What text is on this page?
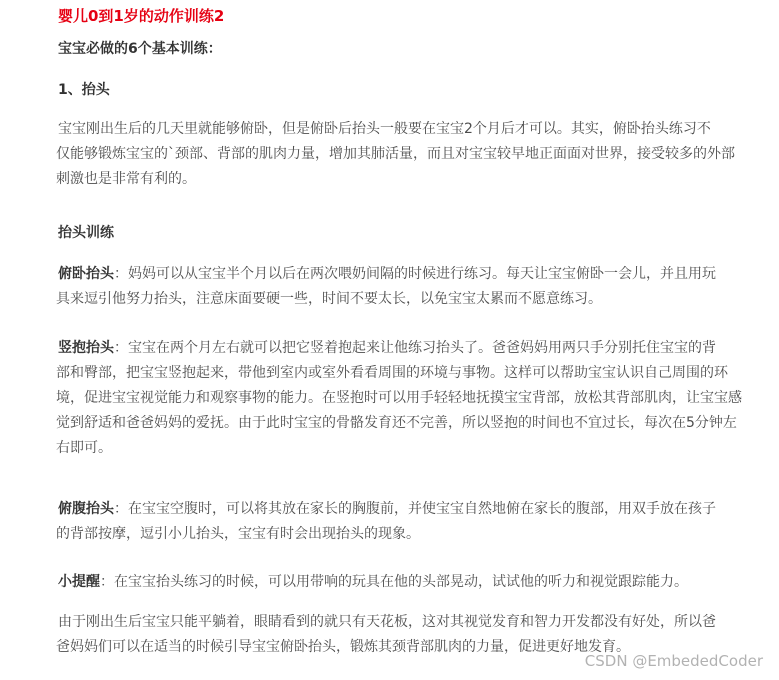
婴儿0到1岁的动作训练2
宝宝必做的6个基本训练：
1、抬头
宝宝刚出生后的几天里就能够俯卧，但是俯卧后抬头一般要在宝宝2个月后才可以。其实，俯卧抬头练习不
仅能够锻炼宝宝的`颈部、背部的肌肉力量，增加其肺活量，而且对宝宝较早地正面面对世界，接受较多的外部
刺激也是非常有利的。
抬头训练
俯卧抬头：妈妈可以从宝宝半个月以后在两次喂奶间隔的时候进行练习。每天让宝宝俯卧一会儿，并且用玩
具来逗引他努力抬头，注意床面要硬一些，时间不要太长，以免宝宝太累而不愿意练习。
竖抱抬头：宝宝在两个月左右就可以把它竖着抱起来让他练习抬头了。爸爸妈妈用两只手分别托住宝宝的背
部和臀部，把宝宝竖抱起来，带他到室内或室外看看周围的环境与事物。这样可以帮助宝宝认识自己周围的环
境，促进宝宝视觉能力和观察事物的能力。在竖抱时可以用手轻轻地抚摸宝宝背部，放松其背部肌肉，让宝宝感
觉到舒适和爸爸妈妈的爱抚。由于此时宝宝的骨骼发育还不完善，所以竖抱的时间也不宜过长，每次在5分钟左
右即可。
俯腹抬头：在宝宝空腹时，可以将其放在家长的胸腹前，并使宝宝自然地俯在家长的腹部，用双手放在孩子
的背部按摩，逗引小儿抬头，宝宝有时会出现抬头的现象。
小提醒：在宝宝抬头练习的时候，可以用带响的玩具在他的头部晃动，试试他的听力和视觉跟踪能力。
由于刚出生后宝宝只能平躺着，眼睛看到的就只有天花板，这对其视觉发育和智力开发都没有好处，所以爸
爸妈妈们可以在适当的时候引导宝宝俯卧抬头，锻炼其颈背部肌肉的力量，促进更好地发育。
CSDN @EmbededCoder
